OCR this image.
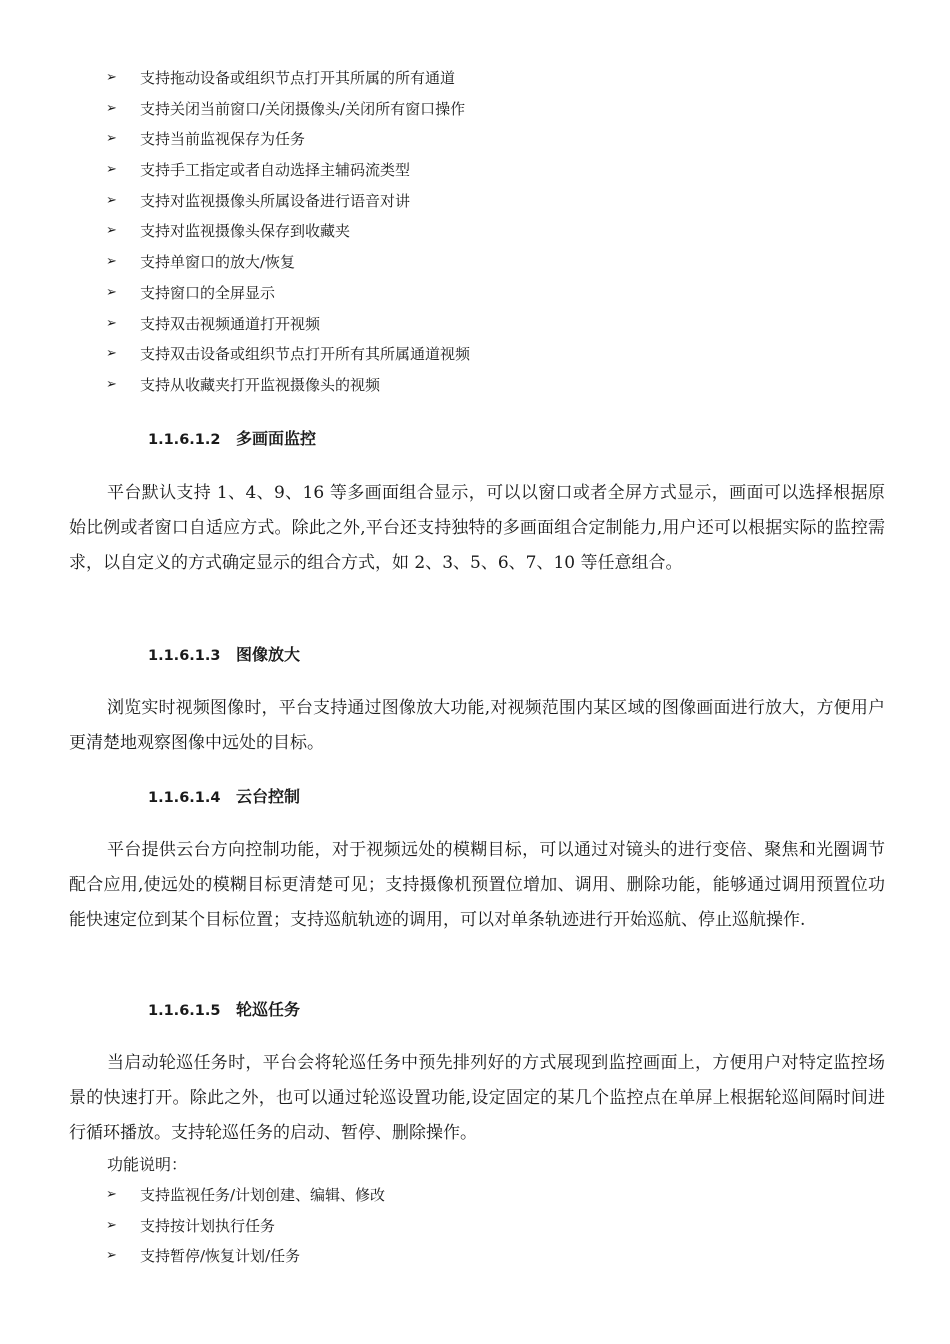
➢ 支持拖动设备或组织节点打开其所属的所有通道
➢ 支持关闭当前窗口/关闭摄像头/关闭所有窗口操作
➢ 支持当前监视保存为任务
➢ 支持手工指定或者自动选择主辅码流类型
➢ 支持对监视摄像头所属设备进行语音对讲
➢ 支持对监视摄像头保存到收藏夹
➢ 支持单窗口的放大/恢复
➢ 支持窗口的全屏显示
➢ 支持双击视频通道打开视频
➢ 支持双击设备或组织节点打开所有其所属通道视频
➢ 支持从收藏夹打开监视摄像头的视频
1.1.6.1.2 多画面监控

平台默认支持 1、4、9、16 等多画面组合显示，可以以窗口或者全屏方式显示，画面可以选择根据原始比例或者窗口自适应方式。除此之外,平台还支持独特的多画面组合定制能力,用户还可以根据实际的监控需求，以自定义的方式确定显示的组合方式，如 2、3、5、6、7、10 等任意组合。

1.1.6.1.3 图像放大

浏览实时视频图像时，平台支持通过图像放大功能,对视频范围内某区域的图像画面进行放大，方便用户更清楚地观察图像中远处的目标。

1.1.6.1.4 云台控制

平台提供云台方向控制功能，对于视频远处的模糊目标，可以通过对镜头的进行变倍、聚焦和光圈调节配合应用,使远处的模糊目标更清楚可见；支持摄像机预置位增加、调用、删除功能，能够通过调用预置位功能快速定位到某个目标位置；支持巡航轨迹的调用，可以对单条轨迹进行开始巡航、停止巡航操作.

1.1.6.1.5 轮巡任务

当启动轮巡任务时，平台会将轮巡任务中预先排列好的方式展现到监控画面上，方便用户对特定监控场景的快速打开。除此之外，也可以通过轮巡设置功能,设定固定的某几个监控点在单屏上根据轮巡间隔时间进行循环播放。支持轮巡任务的启动、暂停、删除操作。

功能说明：
➢ 支持监视任务/计划创建、编辑、修改
➢ 支持按计划执行任务
➢ 支持暂停/恢复计划/任务
